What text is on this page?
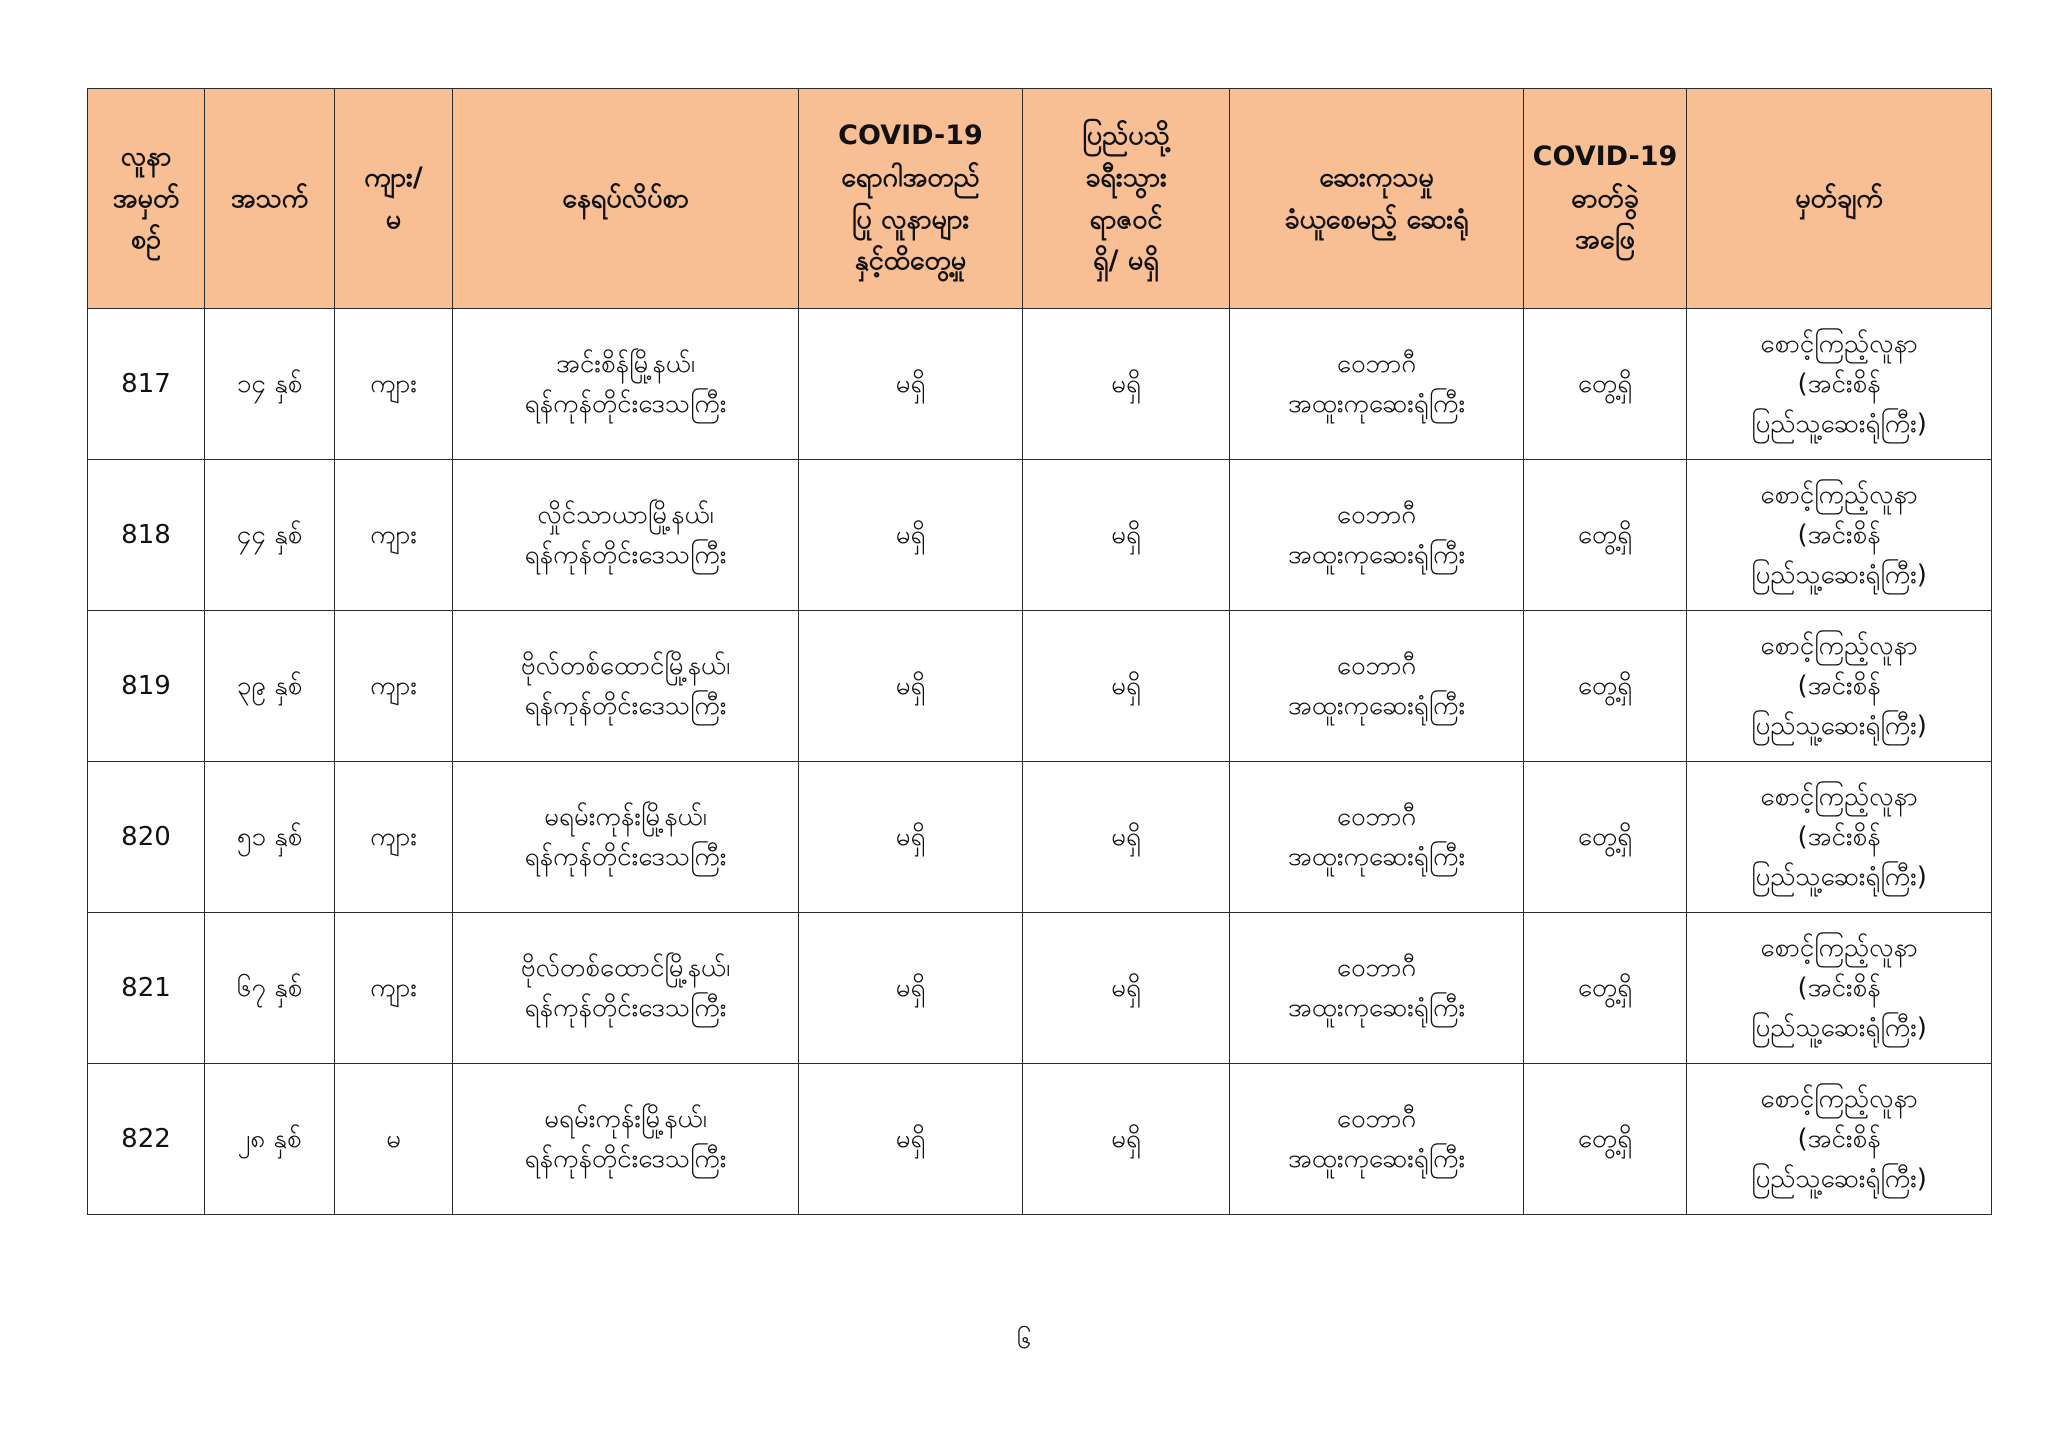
လူနာ
အမှတ်
စဉ်	အသက်	ကျား/
မ	နေရပ်လိပ်စာ	COVID-19
ရောဂါအတည်
ပြု လူနာများ
နှင့်ထိတွေ့မှု	ပြည်ပသို့
ခရီးသွား
ရာဇဝင်
ရှိ/ မရှိ	ဆေးကုသမှု
ခံယူစေမည့် ဆေးရုံ	COVID-19
ဓာတ်ခွဲ
အဖြေ	မှတ်ချက်
817	၁၄ နှစ်	ကျား	အင်းစိန်မြို့နယ်၊
ရန်ကုန်တိုင်းဒေသကြီး	မရှိ	မရှိ	ဝေဘာဂီ
အထူးကုဆေးရုံကြီး	တွေ့ရှိ	စောင့်ကြည့်လူနာ
(အင်းစိန်
ပြည်သူ့ဆေးရုံကြီး)
818	၄၄ နှစ်	ကျား	လှိုင်သာယာမြို့နယ်၊
ရန်ကုန်တိုင်းဒေသကြီး	မရှိ	မရှိ	ဝေဘာဂီ
အထူးကုဆေးရုံကြီး	တွေ့ရှိ	စောင့်ကြည့်လူနာ
(အင်းစိန်
ပြည်သူ့ဆေးရုံကြီး)
819	၃၉ နှစ်	ကျား	ဗိုလ်တစ်ထောင်မြို့နယ်၊
ရန်ကုန်တိုင်းဒေသကြီး	မရှိ	မရှိ	ဝေဘာဂီ
အထူးကုဆေးရုံကြီး	တွေ့ရှိ	စောင့်ကြည့်လူနာ
(အင်းစိန်
ပြည်သူ့ဆေးရုံကြီး)
820	၅၁ နှစ်	ကျား	မရမ်းကုန်းမြို့နယ်၊
ရန်ကုန်တိုင်းဒေသကြီး	မရှိ	မရှိ	ဝေဘာဂီ
အထူးကုဆေးရုံကြီး	တွေ့ရှိ	စောင့်ကြည့်လူနာ
(အင်းစိန်
ပြည်သူ့ဆေးရုံကြီး)
821	၆၇ နှစ်	ကျား	ဗိုလ်တစ်ထောင်မြို့နယ်၊
ရန်ကုန်တိုင်းဒေသကြီး	မရှိ	မရှိ	ဝေဘာဂီ
အထူးကုဆေးရုံကြီး	တွေ့ရှိ	စောင့်ကြည့်လူနာ
(အင်းစိန်
ပြည်သူ့ဆေးရုံကြီး)
822	၂၈ နှစ်	မ	မရမ်းကုန်းမြို့နယ်၊
ရန်ကုန်တိုင်းဒေသကြီး	မရှိ	မရှိ	ဝေဘာဂီ
အထူးကုဆေးရုံကြီး	တွေ့ရှိ	စောင့်ကြည့်လူနာ
(အင်းစိန်
ပြည်သူ့ဆေးရုံကြီး)
၆
